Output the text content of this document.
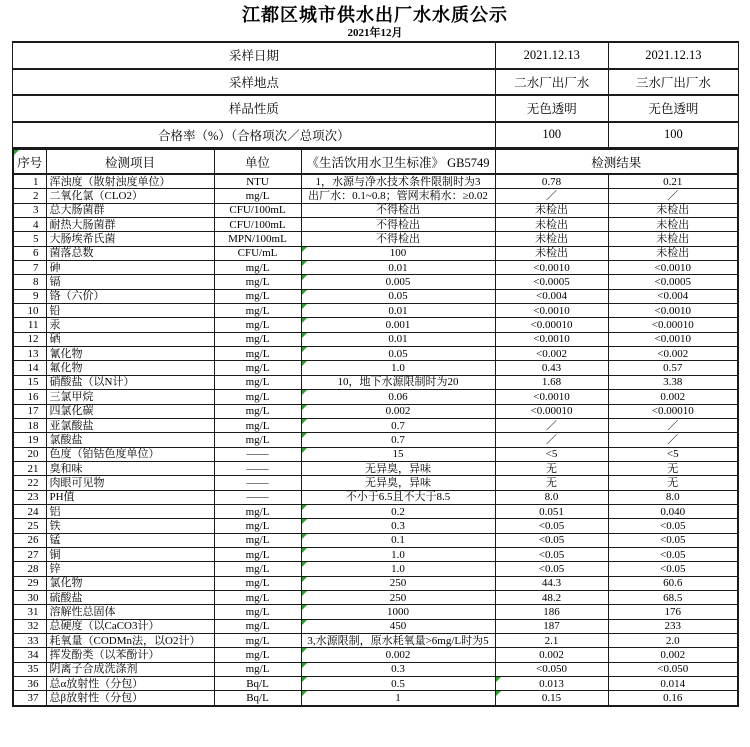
江都区城市供水出厂水水质公示
2021年12月
采样日期	2021.12.13	2021.12.13
采样地点	二水厂出厂水	三水厂出厂水
样品性质	无色透明	无色透明
合格率（%）（合格项次／总项次）	100	100
序号	检测项目	单位	《生活饮用水卫生标准》 GB5749	检测结果	
1	浑浊度（散射浊度单位）	NTU	1，水源与净水技术条件限制时为3	0.78	0.21
2	二氧化氯（CLO2）	mg/L	出厂水：0.1~0.8；管网末稍水：≥0.02	／	／
3	总大肠菌群	CFU/100mL	不得检出	未检出	未检出
4	耐热大肠菌群	CFU/100mL	不得检出	未检出	未检出
5	大肠埃希氏菌	MPN/100mL	不得检出	未检出	未检出
6	菌落总数	CFU/mL	100	未检出	未检出
7	砷	mg/L	0.01	<0.0010	<0.0010
8	镉	mg/L	0.005	<0.0005	<0.0005
9	铬（六价）	mg/L	0.05	<0.004	<0.004
10	铅	mg/L	0.01	<0.0010	<0.0010
11	汞	mg/L	0.001	<0.00010	<0.00010
12	硒	mg/L	0.01	<0.0010	<0.0010
13	氰化物	mg/L	0.05	<0.002	<0.002
14	氟化物	mg/L	1.0	0.43	0.57
15	硝酸盐（以N计）	mg/L	10，地下水源限制时为20	1.68	3.38
16	三氯甲烷	mg/L	0.06	<0.0010	0.002
17	四氯化碳	mg/L	0.002	<0.00010	<0.00010
18	亚氯酸盐	mg/L	0.7	／	／
19	氯酸盐	mg/L	0.7	／	／
20	色度（铂钴色度单位）	——	15	<5	<5
21	臭和味	——	无异臭，异味	无	无
22	肉眼可见物	——	无异臭，异味	无	无
23	PH值	——	不小于6.5且不大于8.5	8.0	8.0
24	铝	mg/L	0.2	0.051	0.040
25	铁	mg/L	0.3	<0.05	<0.05
26	锰	mg/L	0.1	<0.05	<0.05
27	铜	mg/L	1.0	<0.05	<0.05
28	锌	mg/L	1.0	<0.05	<0.05
29	氯化物	mg/L	250	44.3	60.6
30	硫酸盐	mg/L	250	48.2	68.5
31	溶解性总固体	mg/L	1000	186	176
32	总硬度（以CaCO3计）	mg/L	450	187	233
33	耗氧量（CODMn法，以O2计）	mg/L	3,水源限制，原水耗氧量>6mg/L时为5	2.1	2.0
34	挥发酚类（以苯酚计）	mg/L	0.002	0.002	0.002
35	阴离子合成洗涤剂	mg/L	0.3	<0.050	<0.050
36	总α放射性（分包）	Bq/L	0.5	0.013	0.014
37	总β放射性（分包）	Bq/L	1	0.15	0.16
